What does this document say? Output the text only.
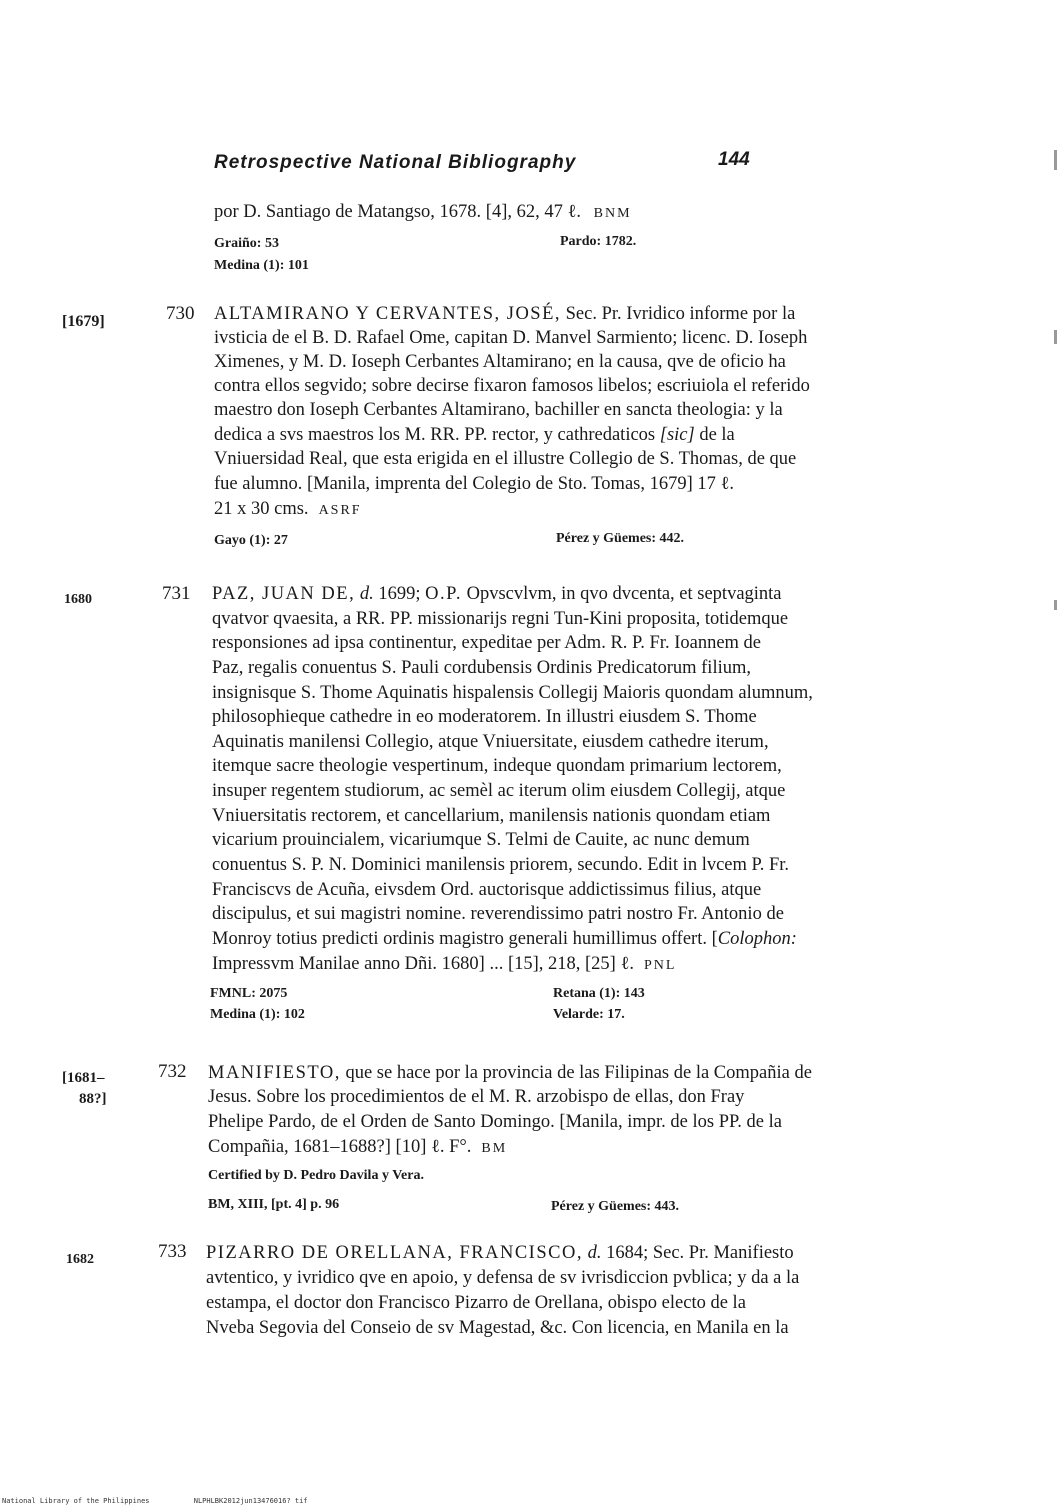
Retrospective National Bibliography	144
por D. Santiago de Matangso, 1678. [4], 62, 47 ℓ. BNM
Graiño: 53	Pardo: 1782.
Medina (1): 101
[1679]	730 ALTAMIRANO Y CERVANTES, JOSÉ, Sec. Pr. Ivridico informe por la
ivsticia de el B. D. Rafael Ome, capitan D. Manvel Sarmiento; licenc. D. Ioseph
Ximenes, y M. D. Ioseph Cerbantes Altamirano; en la causa, qve de oficio ha
contra ellos segvido; sobre decirse fixaron famosos libelos; escriuiola el referido
maestro don Ioseph Cerbantes Altamirano, bachiller en sancta theologia: y la
dedica a svs maestros los M. RR. PP. rector, y cathredaticos [sic] de la
Vniuersidad Real, que esta erigida en el illustre Collegio de S. Thomas, de que
fue alumno. [Manila, imprenta del Colegio de Sto. Tomas, 1679] 17 ℓ.
21 x 30 cms. ASRF
Gayo (1): 27	Pérez y Güemes: 442.
1680	731 PAZ, JUAN DE, d. 1699; O.P. Opvscvlvm, in qvo dvcenta, et septvaginta
qvatvor qvaesita, a RR. PP. missionarijs regni Tun-Kini proposita, totidemque
responsiones ad ipsa continentur, expeditae per Adm. R. P. Fr. Ioannem de
Paz, regalis conuentus S. Pauli cordubensis Ordinis Predicatorum filium,
insignisque S. Thome Aquinatis hispalensis Collegij Maioris quondam alumnum,
philosophieque cathedre in eo moderatorem. In illustri eiusdem S. Thome
Aquinatis manilensi Collegio, atque Vniuersitate, eiusdem cathedre iterum,
itemque sacre theologie vespertinum, indeque quondam primarium lectorem,
insuper regentem studiorum, ac semèl ac iterum olim eiusdem Collegij, atque
Vniuersitatis rectorem, et cancellarium, manilensis nationis quondam etiam
vicarium prouincialem, vicariumque S. Telmi de Cauite, ac nunc demum
conuentus S. P. N. Dominici manilensis priorem, secundo. Edit in lvcem P. Fr.
Franciscvs de Acuña, eivsdem Ord. auctorisque addictissimus filius, atque
discipulus, et sui magistri nomine. reverendissimo patri nostro Fr. Antonio de
Monroy totius predicti ordinis magistro generali humillimus offert. [Colophon:
Impressvm Manilae anno Dñi. 1680] ... [15], 218, [25] ℓ. PNL
FMNL: 2075	Retana (1): 143
Medina (1): 102	Velarde: 17.
[1681–
88?]
732 MANIFIESTO, que se hace por la provincia de las Filipinas de la Compañia de
Jesus. Sobre los procedimientos de el M. R. arzobispo de ellas, don Fray
Phelipe Pardo, de el Orden de Santo Domingo. [Manila, impr. de los PP. de la
Compañia, 1681–1688?] [10] ℓ. F°. BM
Certified by D. Pedro Davila y Vera.
BM, XIII, [pt. 4] p. 96	Pérez y Güemes: 443.
1682	733 PIZARRO DE ORELLANA, FRANCISCO, d. 1684; Sec. Pr. Manifiesto
avtentico, y ivridico qve en apoio, y defensa de sv ivrisdiccion pvblica; y da a la
estampa, el doctor don Francisco Pizarro de Orellana, obispo electo de la
Nveba Segovia del Conseio de sv Magestad, &c. Con licencia, en Manila en la
National Library of the Philippines	NLPHLBK2012jun13476016? tif
